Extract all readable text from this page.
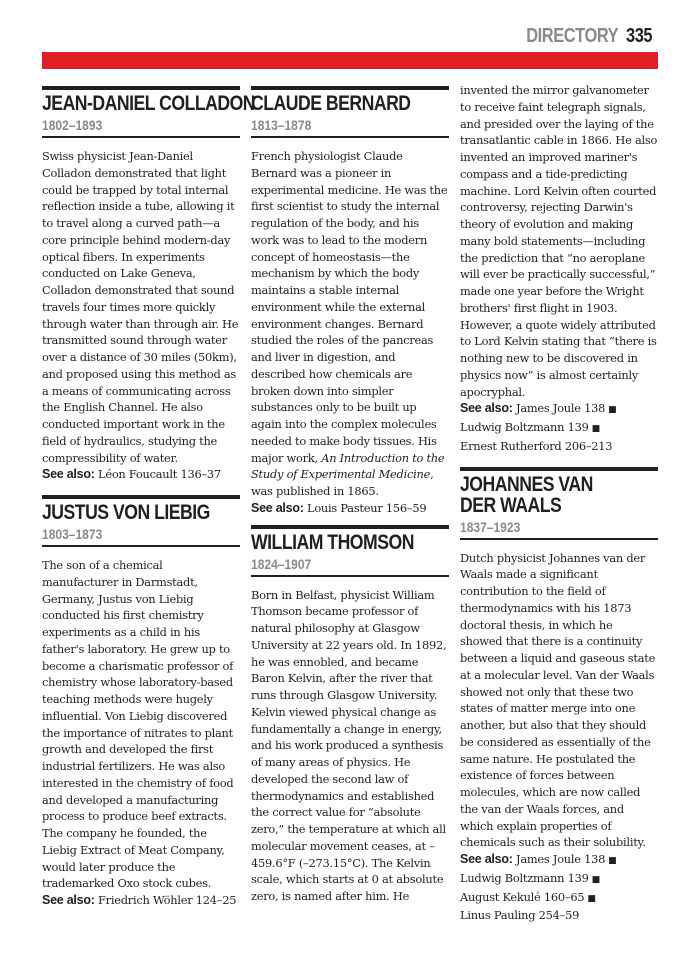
DIRECTORY 335
JEAN-DANIEL COLLADON
1802–1893

Swiss physicist Jean-Daniel Colladon demonstrated that light could be trapped by total internal reflection inside a tube, allowing it to travel along a curved path—a core principle behind modern-day optical fibers. In experiments conducted on Lake Geneva, Colladon demonstrated that sound travels four times more quickly through water than through air. He transmitted sound through water over a distance of 30 miles (50km), and proposed using this method as a means of communicating across the English Channel. He also conducted important work in the field of hydraulics, studying the compressibility of water.

See also: Léon Foucault 136–37

JUSTUS VON LIEBIG
1803–1873

The son of a chemical manufacturer in Darmstadt, Germany, Justus von Liebig conducted his first chemistry experiments as a child in his father's laboratory. He grew up to become a charismatic professor of chemistry whose laboratory-based teaching methods were hugely influential. Von Liebig discovered the importance of nitrates to plant growth and developed the first industrial fertilizers. He was also interested in the chemistry of food and developed a manufacturing process to produce beef extracts. The company he founded, the Liebig Extract of Meat Company, would later produce the trademarked Oxo stock cubes.

See also: Friedrich Wöhler 124–25

CLAUDE BERNARD
1813–1878

French physiologist Claude Bernard was a pioneer in experimental medicine. He was the first scientist to study the internal regulation of the body, and his work was to lead to the modern concept of homeostasis—the mechanism by which the body maintains a stable internal environment while the external environment changes. Bernard studied the roles of the pancreas and liver in digestion, and described how chemicals are broken down into simpler substances only to be built up again into the complex molecules needed to make body tissues. His major work, An Introduction to the Study of Experimental Medicine, was published in 1865.

See also: Louis Pasteur 156–59

WILLIAM THOMSON
1824–1907

Born in Belfast, physicist William Thomson became professor of natural philosophy at Glasgow University at 22 years old. In 1892, he was ennobled, and became Baron Kelvin, after the river that runs through Glasgow University. Kelvin viewed physical change as fundamentally a change in energy, and his work produced a synthesis of many areas of physics. He developed the second law of thermodynamics and established the correct value for “absolute zero,” the temperature at which all molecular movement ceases, at –459.6°F (–273.15°C). The Kelvin scale, which starts at 0 at absolute zero, is named after him. He

invented the mirror galvanometer to receive faint telegraph signals, and presided over the laying of the transatlantic cable in 1866. He also invented an improved mariner's compass and a tide-predicting machine. Lord Kelvin often courted controversy, rejecting Darwin's theory of evolution and making many bold statements—including the prediction that “no aeroplane will ever be practically successful,” made one year before the Wright brothers' first flight in 1903. However, a quote widely attributed to Lord Kelvin stating that “there is nothing new to be discovered in physics now” is almost certainly apocryphal.

See also: James Joule 138 ■
Ludwig Boltzmann 139 ■
Ernest Rutherford 206–213

JOHANNES VAN
DER WAALS
1837–1923

Dutch physicist Johannes van der Waals made a significant contribution to the field of thermodynamics with his 1873 doctoral thesis, in which he showed that there is a continuity between a liquid and gaseous state at a molecular level. Van der Waals showed not only that these two states of matter merge into one another, but also that they should be considered as essentially of the same nature. He postulated the existence of forces between molecules, which are now called the van der Waals forces, and which explain properties of chemicals such as their solubility.

See also: James Joule 138 ■
Ludwig Boltzmann 139 ■
August Kekulé 160–65 ■
Linus Pauling 254–59
